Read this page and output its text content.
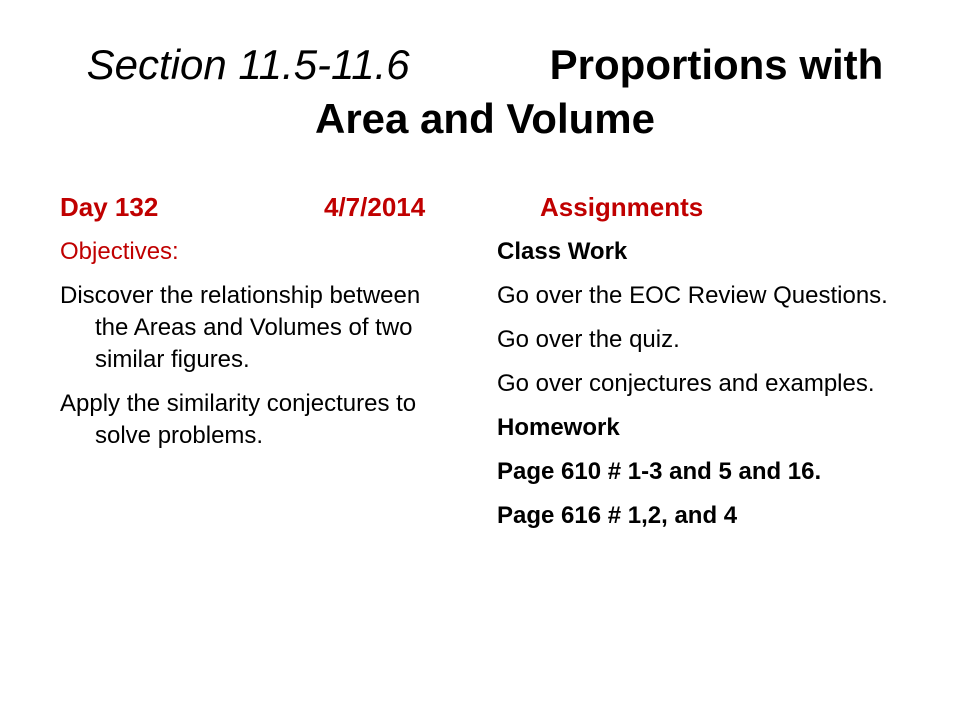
Section 11.5-11.6	Proportions with Area and Volume
Day 132	4/7/2014
Objectives:
Discover the relationship between the Areas and Volumes of two similar figures.
Apply the similarity conjectures to solve problems.
Assignments
Class Work
Go over the EOC Review Questions.
Go over the quiz.
Go over conjectures and examples.
Homework
Page 610 # 1-3 and 5 and 16.
Page 616 # 1,2, and 4
